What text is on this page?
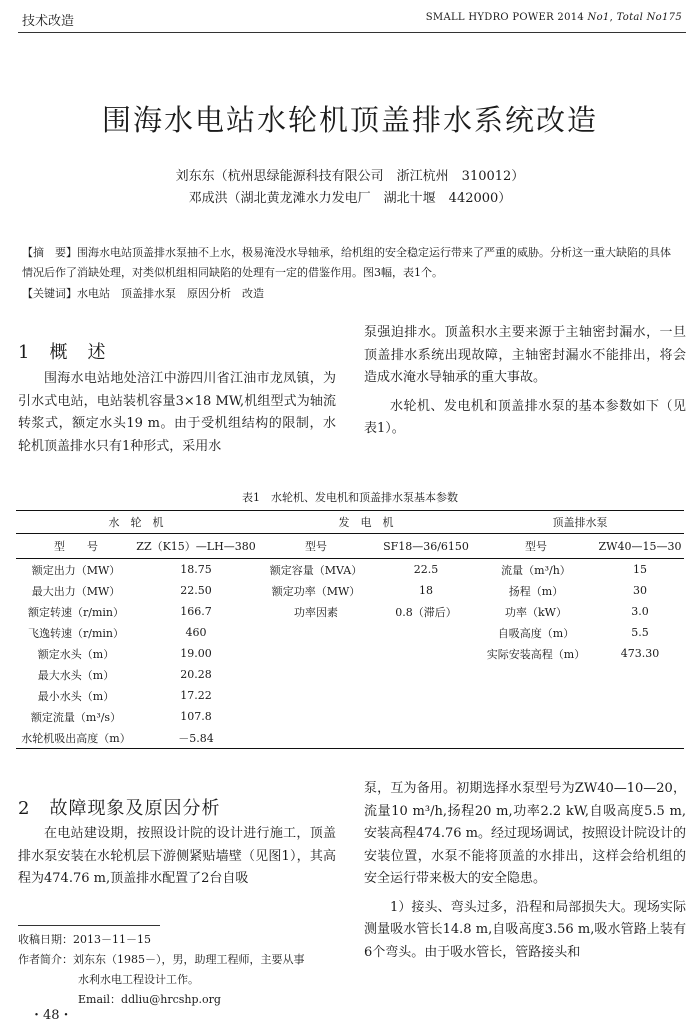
技术改造	SMALL HYDRO POWER 2014 No1, Total No175
围海水电站水轮机顶盖排水系统改造
刘东东（杭州思绿能源科技有限公司　浙江杭州　310012）
邓成洪（湖北黄龙滩水力发电厂　湖北十堰　442000）
【摘　要】围海水电站顶盖排水泵抽不上水，极易淹没水导轴承，给机组的安全稳定运行带来了严重的威胁。分析这一重大缺陷的具体情况后作了消缺处理，对类似机组相同缺陷的处理有一定的借鉴作用。图3幅，表1个。
【关键词】水电站　顶盖排水泵　原因分析　改造
1　概　述

围海水电站地处涪江中游四川省江油市龙凤镇，为引水式电站，电站装机容量3×18 MW,机组型式为轴流转浆式，额定水头19 m。由于受机组结构的限制，水轮机顶盖排水只有1种形式，采用水

泵强迫排水。顶盖积水主要来源于主轴密封漏水，一旦顶盖排水系统出现故障，主轴密封漏水不能排出，将会造成水淹水导轴承的重大事故。

水轮机、发电机和顶盖排水泵的基本参数如下（见表1）。

表1　水轮机、发电机和顶盖排水泵基本参数
水　轮　机		发　电　机		顶盖排水泵	
型　　号	ZZ（K15）—LH—380	型号	SF18—36/6150	型号	ZW40—15—30
额定出力（MW）	18.75	额定容量（MVA）	22.5	流量（m³/h）	15
最大出力（MW）	22.50	额定功率（MW）	18	扬程（m）	30
额定转速（r/min）	166.7	功率因素	0.8（滞后）	功率（kW）	3.0
飞逸转速（r/min）	460			自吸高度（m）	5.5
额定水头（m）	19.00			实际安装高程（m）	473.30
最大水头（m）	20.28				
最小水头（m）	17.22				
额定流量（m³/s）	107.8				
水轮机吸出高度（m）	－5.84				
2　故障现象及原因分析

在电站建设期，按照设计院的设计进行施工，顶盖排水泵安装在水轮机层下游侧紧贴墙壁（见图1），其高程为474.76 m,顶盖排水配置了2台自吸

泵，互为备用。初期选择水泵型号为ZW40—10—20，流量10 m³/h,扬程20 m,功率2.2 kW,自吸高度5.5 m,安装高程474.76 m。经过现场调试，按照设计院设计的安装位置，水泵不能将顶盖的水排出，这样会给机组的安全运行带来极大的安全隐患。

1）接头、弯头过多，沿程和局部损失大。现场实际测量吸水管长14.8 m,自吸高度3.56 m,吸水管路上装有6个弯头。由于吸水管长，管路接头和

收稿日期：2013－11－15
作者简介：刘东东（1985－），男，助理工程师，主要从事
水利水电工程设计工作。
Email：ddliu@hrcshp.org
・48・
